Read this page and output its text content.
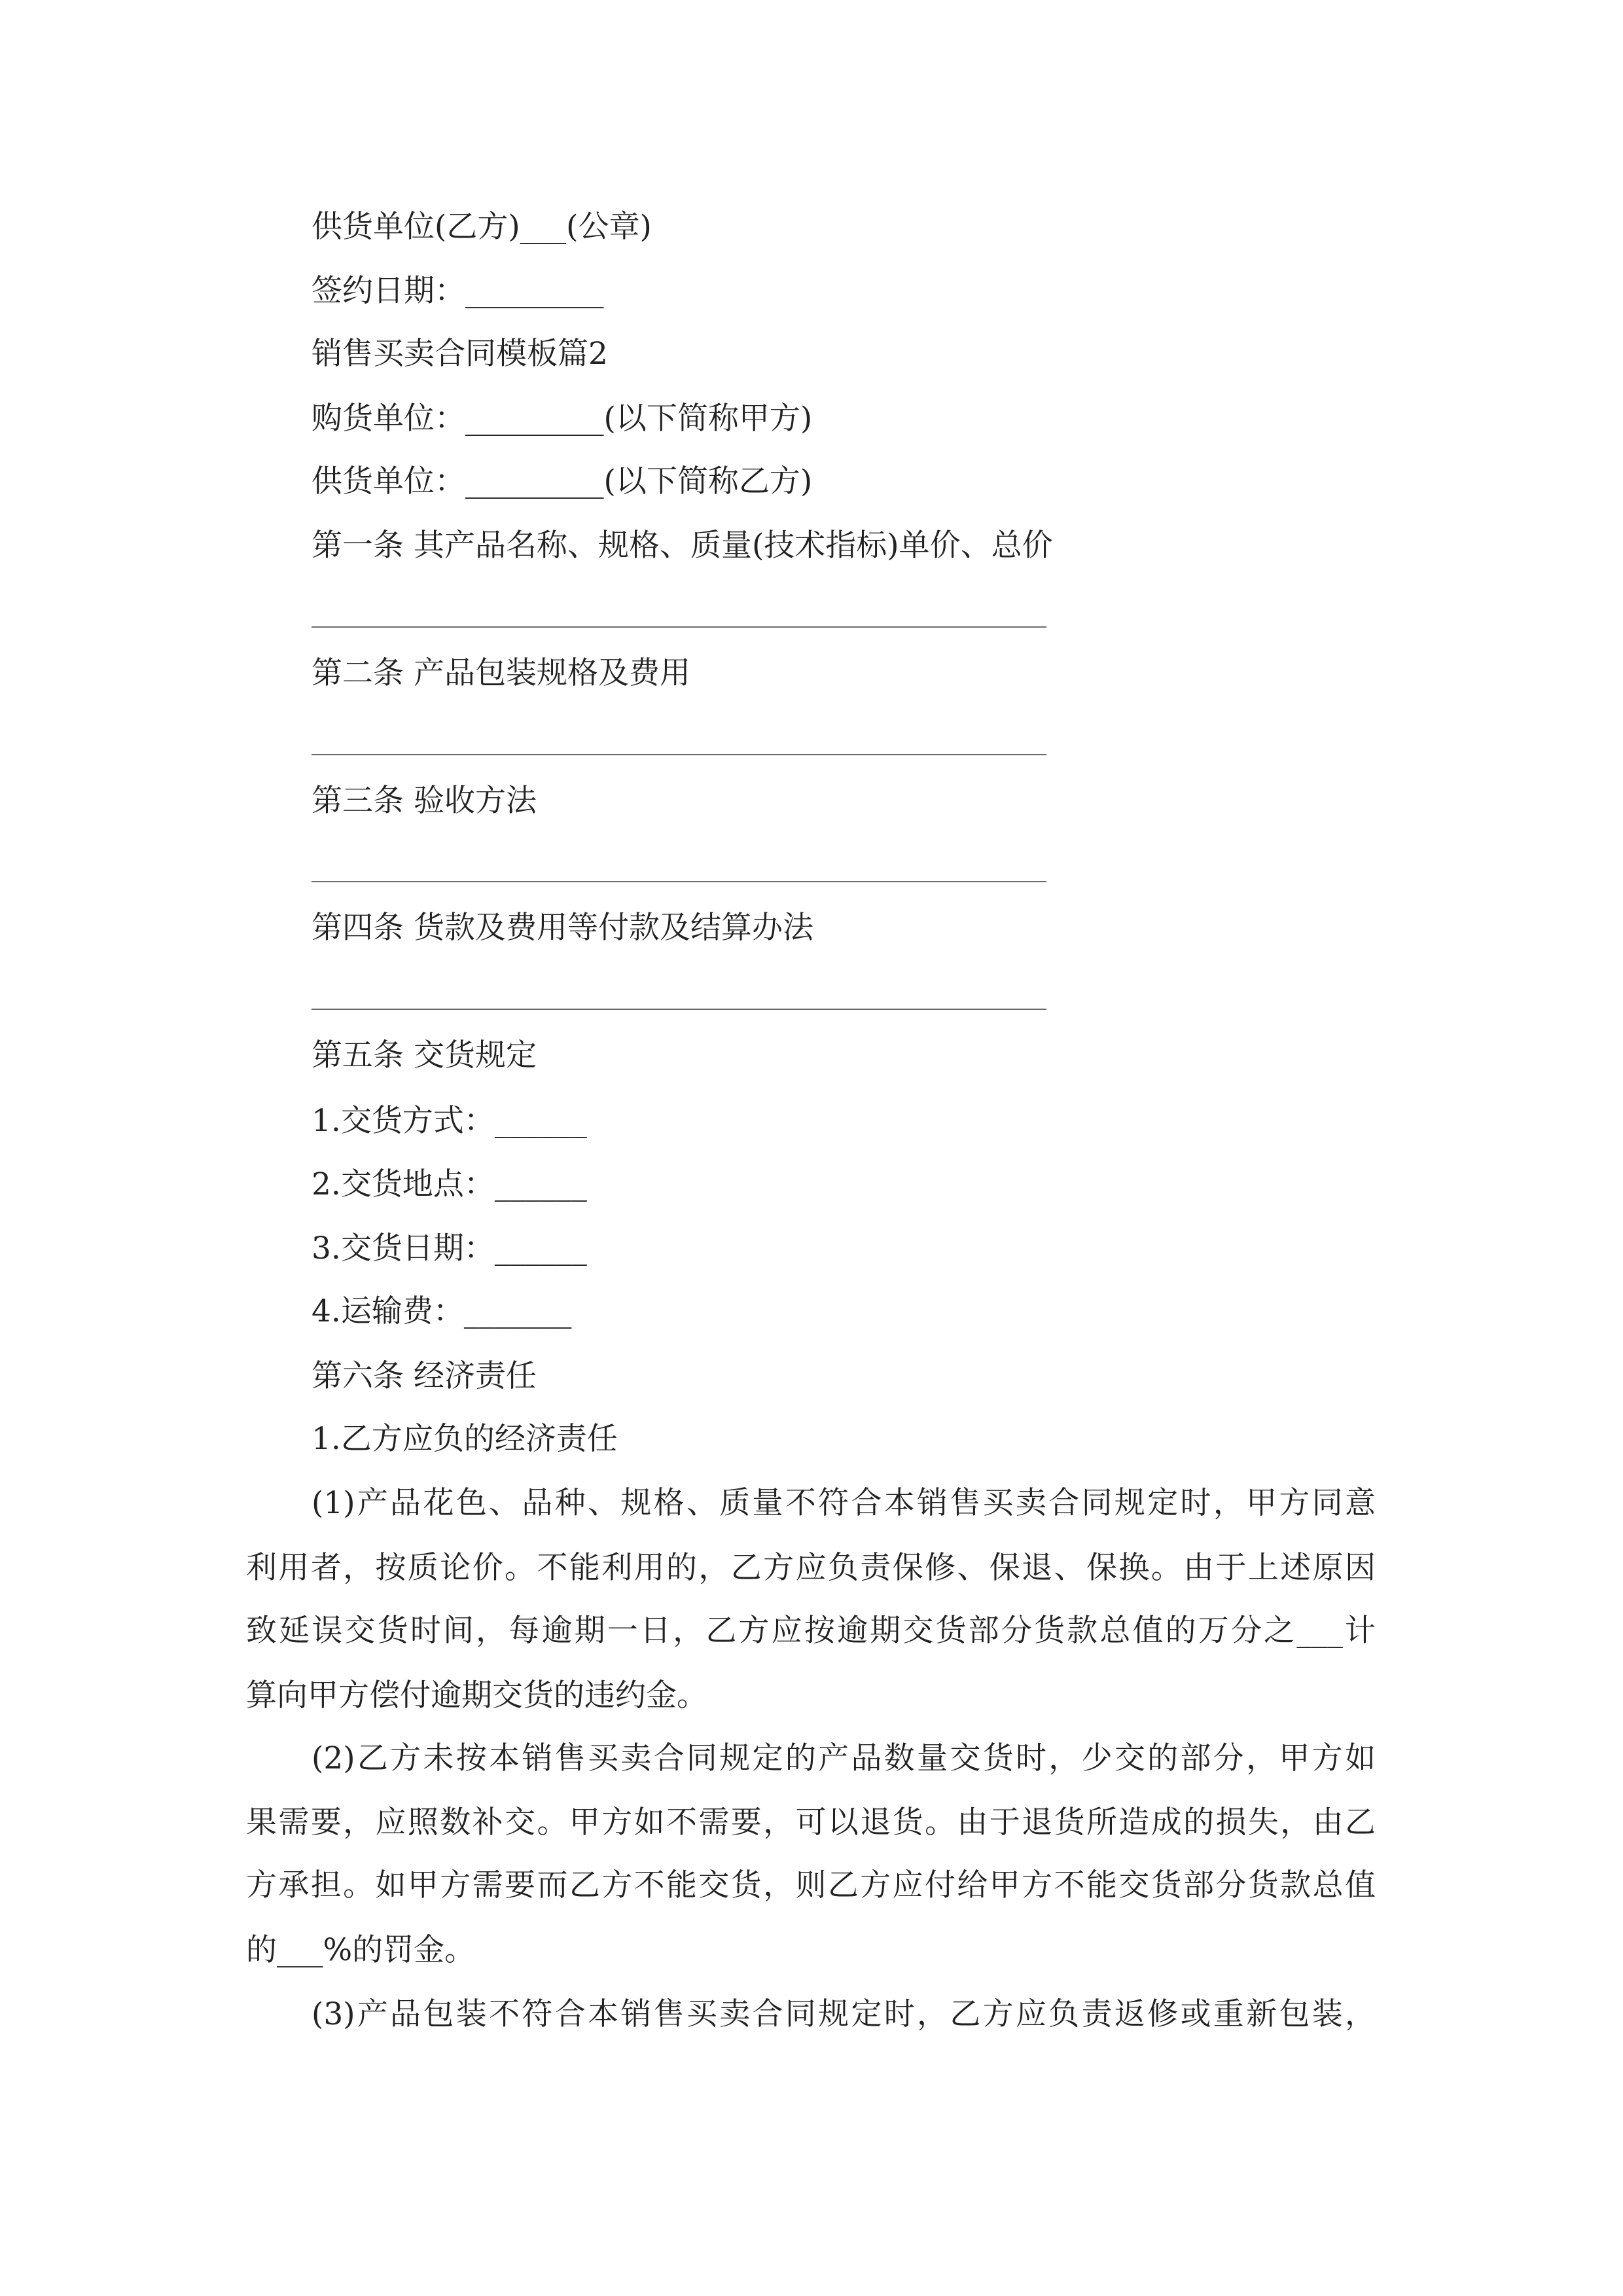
供货单位(乙方)___(公章)
签约日期：_________
销售买卖合同模板篇2
购货单位：_________(以下简称甲方)
供货单位：_________(以下简称乙方)
第一条 其产品名称、规格、质量(技术指标)单价、总价
第二条 产品包装规格及费用
第三条 验收方法
第四条 货款及费用等付款及结算办法
第五条 交货规定
1.交货方式：______
2.交货地点：______
3.交货日期：______
4.运输费：_______
第六条 经济责任
1.乙方应负的经济责任
(1)产品花色、品种、规格、质量不符合本销售买卖合同规定时，甲方同意
利用者，按质论价。不能利用的，乙方应负责保修、保退、保换。由于上述原因
致延误交货时间，每逾期一日，乙方应按逾期交货部分货款总值的万分之___计
算向甲方偿付逾期交货的违约金。
(2)乙方未按本销售买卖合同规定的产品数量交货时，少交的部分，甲方如
果需要，应照数补交。甲方如不需要，可以退货。由于退货所造成的损失，由乙
方承担。如甲方需要而乙方不能交货，则乙方应付给甲方不能交货部分货款总值
的___%的罚金。
(3)产品包装不符合本销售买卖合同规定时，乙方应负责返修或重新包装，
